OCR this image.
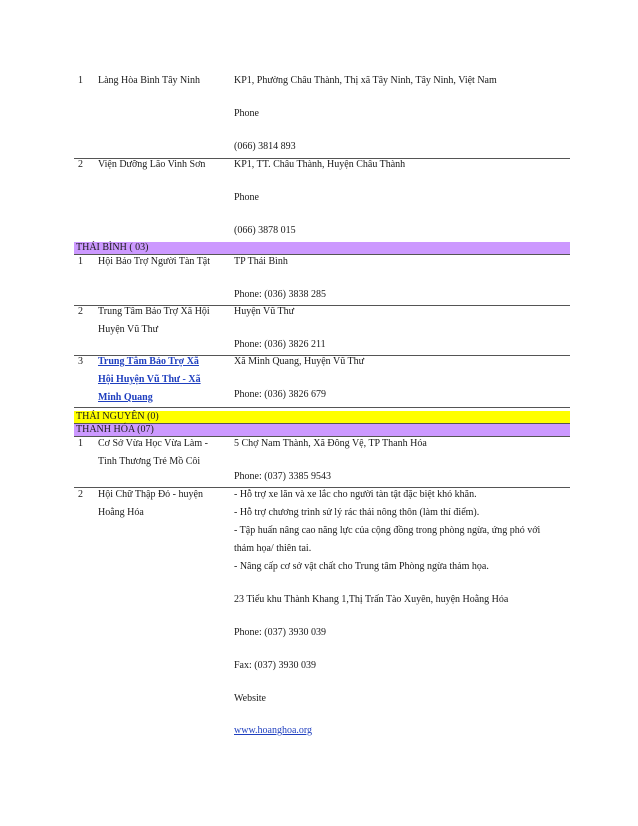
1 Làng Hòa Bình Tây Ninh	KP1, Phường Châu Thành, Thị xã Tây Ninh, Tây Ninh, Việt Nam
Phone
(066) 3814 893
2 Viện Dưỡng Lão Vinh Sơn	KP1, TT. Châu Thành, Huyện Châu Thành
Phone
(066) 3878 015
THÁI BÌNH ( 03)
1 Hội Bảo Trợ Người Tàn Tật TP Thái Bình
Phone: (036) 3838 285
2 Trung Tâm Bảo Trợ Xã Hội
Huyện Vũ Thư
Huyện Vũ Thư
Phone: (036) 3826 211
3 Trung Tâm Bảo Trợ Xã
Hội Huyện Vũ Thư - Xã
Minh Quang
Xã Minh Quang, Huyện Vũ Thư
Phone: (036) 3826 679
THÁI NGUYÊN (0)
THANH HÓA (07)
1 Cơ Sở Vừa Học Vừa Làm -
Tình Thương Trẻ Mồ Côi
5 Chợ Nam Thành, Xã Đông Vệ, TP Thanh Hóa
Phone: (037) 3385 9543
2 Hội Chữ Thập Đỏ - huyện
Hoằng Hóa
- Hỗ trợ xe lăn và xe lắc cho người tàn tật đặc biệt khó khăn.
- Hỗ trợ chương trình sử lý rác thải nông thôn (làm thí điểm).
- Tập huấn nâng cao năng lực của cộng đồng trong phòng ngừa, ứng phó với
thảm họa/ thiên tai.
- Nâng cấp cơ sở vật chất cho Trung tâm Phòng ngừa thảm họa.
23 Tiểu khu Thành Khang 1,Thị Trấn Tào Xuyên, huyện Hoằng Hóa
Phone: (037) 3930 039
Fax: (037) 3930 039
Website
www.hoanghoa.org
